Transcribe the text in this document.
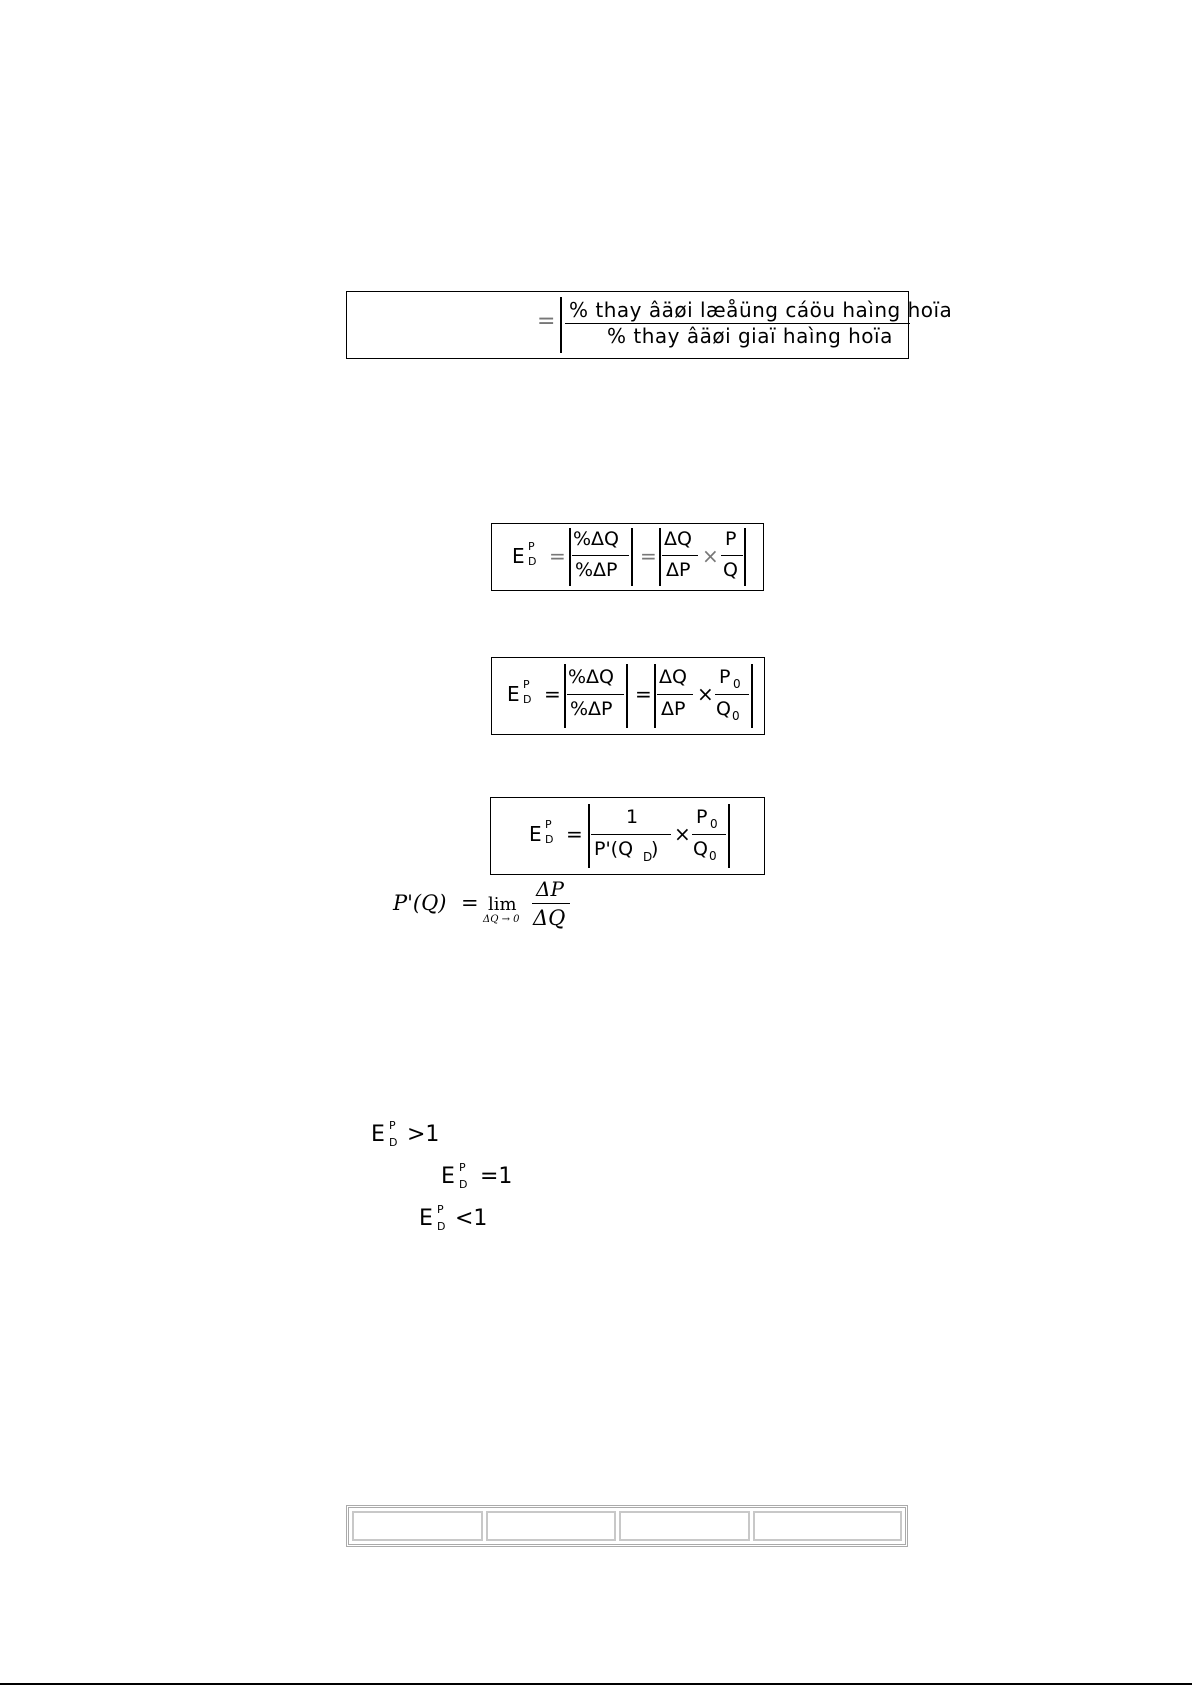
= % thay âäøi læåüng cáöu haìng hoïa
% thay âäøi giaï haìng hoïa
E P
D =
%ΔQ
%ΔP
=
ΔQ
ΔP
×
P
Q
E P
D =
%ΔQ
%ΔP
=
ΔQ
ΔP
×
P 0
Q 0
E P
D =
1
P'(Q D
)
×
P 0
Q 0
P'(Q) = lim
ΔQ → 0
ΔP
ΔQ
E P
D >1
E P
D =1
E P
D <1
